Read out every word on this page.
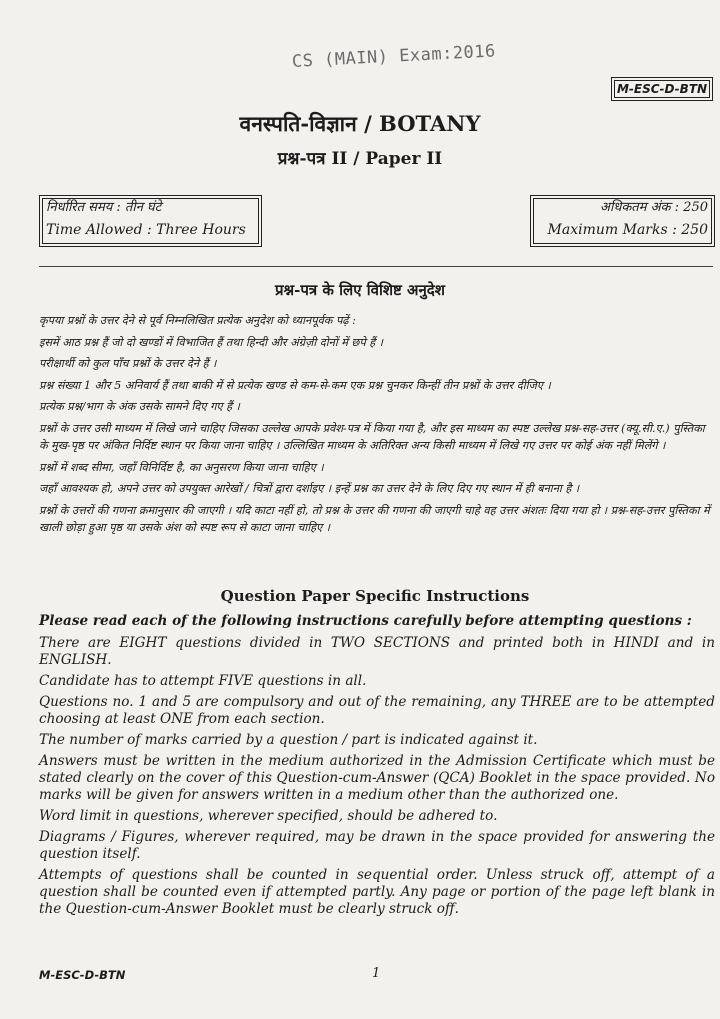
CS (MAIN) Exam:2016
M-ESC-D-BTN
वनस्पति-विज्ञान / BOTANY
प्रश्न-पत्र II / Paper II
निर्धारित समय : तीन घंटे
Time Allowed : Three Hours
अधिकतम अंक : 250
Maximum Marks : 250
प्रश्न-पत्र के लिए विशिष्ट अनुदेश

कृपया प्रश्नों के उत्तर देने से पूर्व निम्नलिखित प्रत्येक अनुदेश को ध्यानपूर्वक पढ़ें :

इसमें आठ प्रश्न हैं जो दो खण्डों में विभाजित हैं तथा हिन्दी और अंग्रेज़ी दोनों में छपे हैं ।

परीक्षार्थी को कुल पाँच प्रश्नों के उत्तर देने हैं ।

प्रश्न संख्या 1 और 5 अनिवार्य हैं तथा बाकी में से प्रत्येक खण्ड से कम-से-कम एक प्रश्न चुनकर किन्हीं तीन प्रश्नों के उत्तर दीजिए ।

प्रत्येक प्रश्न/भाग के अंक उसके सामने दिए गए हैं ।

प्रश्नों के उत्तर उसी माध्यम में लिखे जाने चाहिए जिसका उल्लेख आपके प्रवेश-पत्र में किया गया है, और इस माध्यम का स्पष्ट उल्लेख प्रश्न-सह-उत्तर (क्यू.सी.ए.) पुस्तिका के मुख-पृष्ठ पर अंकित निर्दिष्ट स्थान पर किया जाना चाहिए । उल्लिखित माध्यम के अतिरिक्त अन्य किसी माध्यम में लिखे गए उत्तर पर कोई अंक नहीं मिलेंगे ।

प्रश्नों में शब्द सीमा, जहाँ विनिर्दिष्ट है, का अनुसरण किया जाना चाहिए ।

जहाँ आवश्यक हो, अपने उत्तर को उपयुक्त आरेखों / चित्रों द्वारा दर्शाइए । इन्हें प्रश्न का उत्तर देने के लिए दिए गए स्थान में ही बनाना है ।

प्रश्नों के उत्तरों की गणना क्रमानुसार की जाएगी । यदि काटा नहीं हो, तो प्रश्न के उत्तर की गणना की जाएगी चाहे वह उत्तर अंशतः दिया गया हो । प्रश्न-सह-उत्तर पुस्तिका में खाली छोड़ा हुआ पृष्ठ या उसके अंश को स्पष्ट रूप से काटा जाना चाहिए ।

Question Paper Specific Instructions

Please read each of the following instructions carefully before attempting questions :

There are EIGHT questions divided in TWO SECTIONS and printed both in HINDI and in ENGLISH.

Candidate has to attempt FIVE questions in all.

Questions no. 1 and 5 are compulsory and out of the remaining, any THREE are to be attempted choosing at least ONE from each section.

The number of marks carried by a question / part is indicated against it.

Answers must be written in the medium authorized in the Admission Certificate which must be stated clearly on the cover of this Question-cum-Answer (QCA) Booklet in the space provided. No marks will be given for answers written in a medium other than the authorized one.

Word limit in questions, wherever specified, should be adhered to.

Diagrams / Figures, wherever required, may be drawn in the space provided for answering the question itself.

Attempts of questions shall be counted in sequential order. Unless struck off, attempt of a question shall be counted even if attempted partly. Any page or portion of the page left blank in the Question-cum-Answer Booklet must be clearly struck off.

M-ESC-D-BTN	1
